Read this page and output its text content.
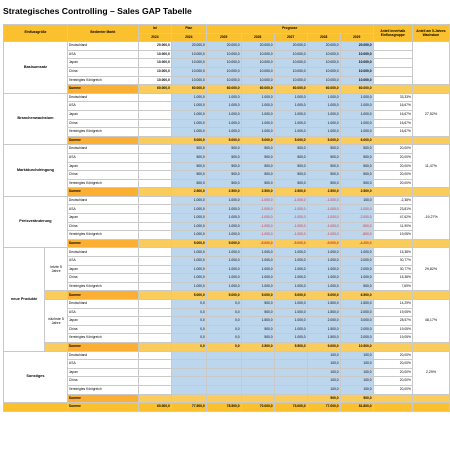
Strategisches Controlling – Sales GAP Tabelle
Einflussgröße		Bedienter Markt	Ist	Plan	Prognose					Anteil innerhalb Einflussgruppe	Anteil am 5-Jahres Wachstum
			2024	2024	2025	2026	2027	2028	2029		
Basisumsatz		Deutschland	20.000,0	20.000,0	20.000,0	20.000,0	20.000,0	20.000,0	20.000,0		
		USA	10.000,0	10.000,0	10.000,0	10.000,0	10.000,0	10.000,0	10.000,0		
		Japan	10.000,0	10.000,0	10.000,0	10.000,0	10.000,0	10.000,0	10.000,0		
		China	10.000,0	10.000,0	10.000,0	10.000,0	10.000,0	10.000,0	10.000,0		
		Vereinigtes Königreich	10.000,0	10.000,0	10.000,0	10.000,0	10.000,0	10.000,0	10.000,0		
		Summe	60.000,0	60.000,0	60.000,0	60.000,0	60.000,0	60.000,0	60.000,0		
Branchenwachstum		Deutschland		1.000,0	1.000,0	1.000,0	1.000,0	1.000,0	1.000,0	33,33%	27,52%
		USA		1.000,0	1.000,0	1.000,0	1.000,0	1.000,0	1.000,0	16,67%	
		Japan		1.000,0	1.000,0	1.000,0	1.000,0	1.000,0	1.000,0	16,67%	
		China		1.000,0	1.000,0	1.000,0	1.000,0	1.000,0	1.000,0	16,67%	
		Vereinigtes Königreich		1.000,0	1.000,0	1.000,0	1.000,0	1.000,0	1.000,0	16,67%	
		Summe		5.000,0	5.000,0	5.000,0	5.000,0	5.000,0	6.000,0		
Marktdurchdringung		Deutschland		500,0	500,0	500,0	500,0	500,0	500,0	20,00%	11,47%
		USA		500,0	500,0	500,0	500,0	500,0	500,0	20,00%	
		Japan		500,0	500,0	500,0	500,0	500,0	500,0	20,00%	
		China		500,0	500,0	500,0	500,0	500,0	500,0	20,00%	
		Vereinigtes Königreich		500,0	500,0	500,0	500,0	500,0	500,0	20,00%	
		Summe		2.500,0	2.500,0	2.500,0	2.500,0	2.500,0	2.500,0		
Preisveränderung		Deutschland		1.000,0	1.000,0	-1.000,0	-1.000,0	-1.000,0	100,0	-2,38%	-19,27%
		USA		1.000,0	1.000,0	-1.000,0	-1.000,0	-1.000,0	-1.000,0	23,81%	
		Japan		1.000,0	1.000,0	-1.000,0	-1.000,0	-1.000,0	-2.000,0	47,62%	
		China		1.000,0	1.000,0	-1.000,0	-1.000,0	-1.000,0	-500,0	11,90%	
		Vereinigtes Königreich		1.000,0	1.000,0	-1.000,0	-1.000,0	-1.000,0	-800,0	19,05%	
		Summe		5.000,0	5.000,0	-5.000,0	-5.000,0	-5.000,0	-4.200,0		
neue Produkte	letzte 5 Jahre	Deutschland		1.000,0	1.000,0	1.000,0	1.000,0	1.000,0	1.000,0	15,38%	29,82%
		USA		1.000,0	1.000,0	1.000,0	1.000,0	1.000,0	2.000,0	30,77%	
		Japan		1.000,0	1.000,0	1.000,0	1.000,0	1.000,0	2.000,0	30,77%	
		China		1.000,0	1.000,0	1.000,0	1.000,0	1.000,0	1.000,0	15,38%	
		Vereinigtes Königreich		1.000,0	1.000,0	1.000,0	1.000,0	1.000,0	500,0	7,69%	
		Summe		5.000,0	5.000,0	5.000,0	5.000,0	5.000,0	6.500,0		
	nächste 5 Jahre	Deutschland		0,0	0,0	500,0	1.000,0	1.500,0	1.500,0	14,29%	48,17%
		USA		0,0	0,0	500,0	1.000,0	1.500,0	2.000,0	19,05%	
		Japan		0,0	0,0	1.500,0	1.000,0	2.000,0	3.000,0	28,57%	
		China		0,0	0,0	500,0	1.000,0	1.500,0	2.000,0	19,05%	
		Vereinigtes Königreich		0,0	0,0	500,0	1.000,0	1.500,0	2.000,0	19,05%	
		Summe		0,0	0,0	2.500,0	5.500,0	9.000,0	10.500,0		
Sonstiges		Deutschland						100,0	100,0	20,00%	2,29%
		USA						100,0	100,0	20,00%	
		Japan						100,0	100,0	20,00%	
		China						100,0	100,0	20,00%	
		Vereinigtes Königreich						100,0	100,0	20,00%	
		Summe						500,0	500,0		
		Summe	60.000,0	77.500,0	78.500,0	70.000,0	73.000,0	77.000,0	81.800,0		
